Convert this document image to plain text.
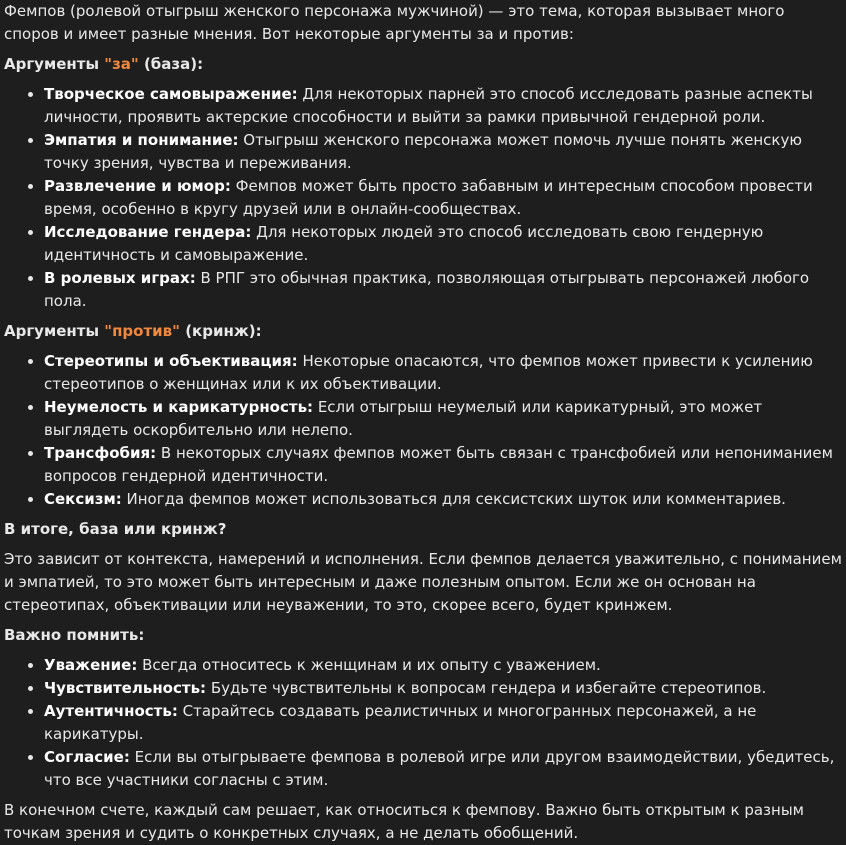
Фемпов (ролевой отыгрыш женского персонажа мужчиной) — это тема, которая вызывает много споров и имеет разные мнения. Вот некоторые аргументы за и против:

Аргументы "за" (база):

• Творческое самовыражение: Для некоторых парней это способ исследовать разные аспекты личности, проявить актерские способности и выйти за рамки привычной гендерной роли.
• Эмпатия и понимание: Отыгрыш женского персонажа может помочь лучше понять женскую точку зрения, чувства и переживания.
• Развлечение и юмор: Фемпов может быть просто забавным и интересным способом провести время, особенно в кругу друзей или в онлайн-сообществах.
• Исследование гендера: Для некоторых людей это способ исследовать свою гендерную идентичность и самовыражение.
• В ролевых играх: В РПГ это обычная практика, позволяющая отыгрывать персонажей любого пола.

Аргументы "против" (кринж):

• Стереотипы и объективация: Некоторые опасаются, что фемпов может привести к усилению стереотипов о женщинах или к их объективации.
• Неумелость и карикатурность: Если отыгрыш неумелый или карикатурный, это может выглядеть оскорбительно или нелепо.
• Трансфобия: В некоторых случаях фемпов может быть связан с трансфобией или непониманием вопросов гендерной идентичности.
• Сексизм: Иногда фемпов может использоваться для сексистских шуток или комментариев.

В итоге, база или кринж?

Это зависит от контекста, намерений и исполнения. Если фемпов делается уважительно, с пониманием и эмпатией, то это может быть интересным и даже полезным опытом. Если же он основан на стереотипах, объективации или неуважении, то это, скорее всего, будет кринжем.

Важно помнить:

• Уважение: Всегда относитесь к женщинам и их опыту с уважением.
• Чувствительность: Будьте чувствительны к вопросам гендера и избегайте стереотипов.
• Аутентичность: Старайтесь создавать реалистичных и многогранных персонажей, а не карикатуры.
• Согласие: Если вы отыгрываете фемпова в ролевой игре или другом взаимодействии, убедитесь, что все участники согласны с этим.

В конечном счете, каждый сам решает, как относиться к фемпову. Важно быть открытым к разным точкам зрения и судить о конкретных случаях, а не делать обобщений.
